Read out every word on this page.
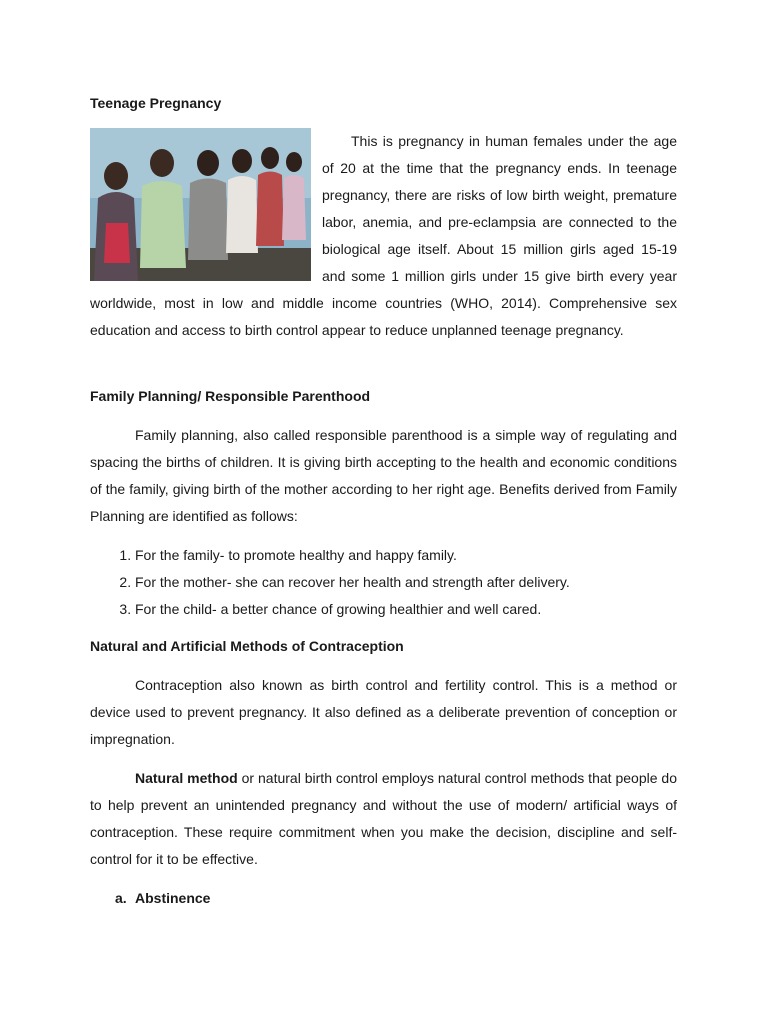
Teenage Pregnancy
This is pregnancy in human females under the age of 20 at the time that the pregnancy ends. In teenage pregnancy, there are risks of low birth weight, premature labor, anemia, and pre-eclampsia are connected to the biological age itself. About 15 million girls aged 15-19 and some 1 million girls under 15 give birth every year worldwide, most in low and middle income countries (WHO, 2014). Comprehensive sex education and access to birth control appear to reduce unplanned teenage pregnancy.
Family Planning/ Responsible Parenthood

Family planning, also called responsible parenthood is a simple way of regulating and spacing the births of children. It is giving birth accepting to the health and economic conditions of the family, giving birth of the mother according to her right age. Benefits derived from Family Planning are identified as follows:

1. For the family- to promote healthy and happy family.
2. For the mother- she can recover her health and strength after delivery.
3. For the child- a better chance of growing healthier and well cared.
Natural and Artificial Methods of Contraception

Contraception also known as birth control and fertility control. This is a method or device used to prevent pregnancy. It also defined as a deliberate prevention of conception or impregnation.

Natural method or natural birth control employs natural control methods that people do to help prevent an unintended pregnancy and without the use of modern/ artificial ways of contraception. These require commitment when you make the decision, discipline and self-control for it to be effective.

a. Abstinence
